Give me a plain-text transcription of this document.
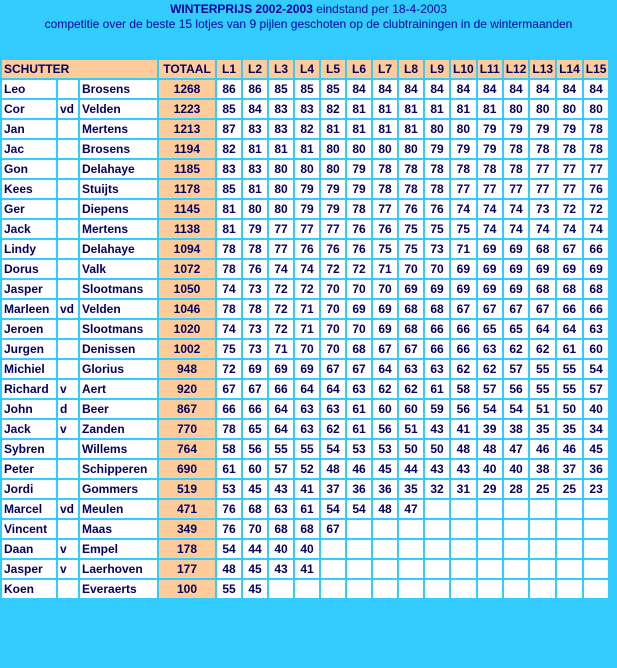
WINTERPRIJS 2002-2003 eindstand per 18-4-2003
competitie over de beste 15 lotjes van 9 pijlen geschoten op de clubtrainingen in de wintermaanden
SCHUTTER			TOTAAL	L1	L2	L3	L4	L5	L6	L7	L8	L9	L10	L11	L12	L13	L14	L15
Leo		Brosens	1268	86	86	85	85	85	84	84	84	84	84	84	84	84	84	84
Cor	vd	Velden	1223	85	84	83	83	82	81	81	81	81	81	81	80	80	80	80
Jan		Mertens	1213	87	83	83	82	81	81	81	81	80	80	79	79	79	79	78
Jac		Brosens	1194	82	81	81	81	80	80	80	80	79	79	79	78	78	78	78
Gon		Delahaye	1185	83	83	80	80	80	79	78	78	78	78	78	78	77	77	77
Kees		Stuijts	1178	85	81	80	79	79	79	78	78	78	77	77	77	77	77	76
Ger		Diepens	1145	81	80	80	79	79	78	77	76	76	74	74	74	73	72	72
Jack		Mertens	1138	81	79	77	77	77	76	76	75	75	75	74	74	74	74	74
Lindy		Delahaye	1094	78	78	77	76	76	76	75	75	73	71	69	69	68	67	66
Dorus		Valk	1072	78	76	74	74	72	72	71	70	70	69	69	69	69	69	69
Jasper		Slootmans	1050	74	73	72	72	70	70	70	69	69	69	69	69	68	68	68
Marleen	vd	Velden	1046	78	78	72	71	70	69	69	68	68	67	67	67	67	66	66
Jeroen		Slootmans	1020	74	73	72	71	70	70	69	68	66	66	65	65	64	64	63
Jurgen		Denissen	1002	75	73	71	70	70	68	67	67	66	66	63	62	62	61	60
Michiel		Glorius	948	72	69	69	69	67	67	64	63	63	62	62	57	55	55	54
Richard	v	Aert	920	67	67	66	64	64	63	62	62	61	58	57	56	55	55	57
John	d	Beer	867	66	66	64	63	63	61	60	60	59	56	54	54	51	50	40
Jack	v	Zanden	770	78	65	64	63	62	61	56	51	43	41	39	38	35	35	34
Sybren		Willems	764	58	56	55	55	54	53	53	50	50	48	48	47	46	46	45
Peter		Schipperen	690	61	60	57	52	48	46	45	44	43	43	40	40	38	37	36
Jordi		Gommers	519	53	45	43	41	37	36	36	35	32	31	29	28	25	25	23
Marcel	vd	Meulen	471	76	68	63	61	54	54	48	47							
Vincent		Maas	349	76	70	68	68	67										
Daan	v	Empel	178	54	44	40	40											
Jasper	v	Laerhoven	177	48	45	43	41											
Koen		Everaerts	100	55	45													
